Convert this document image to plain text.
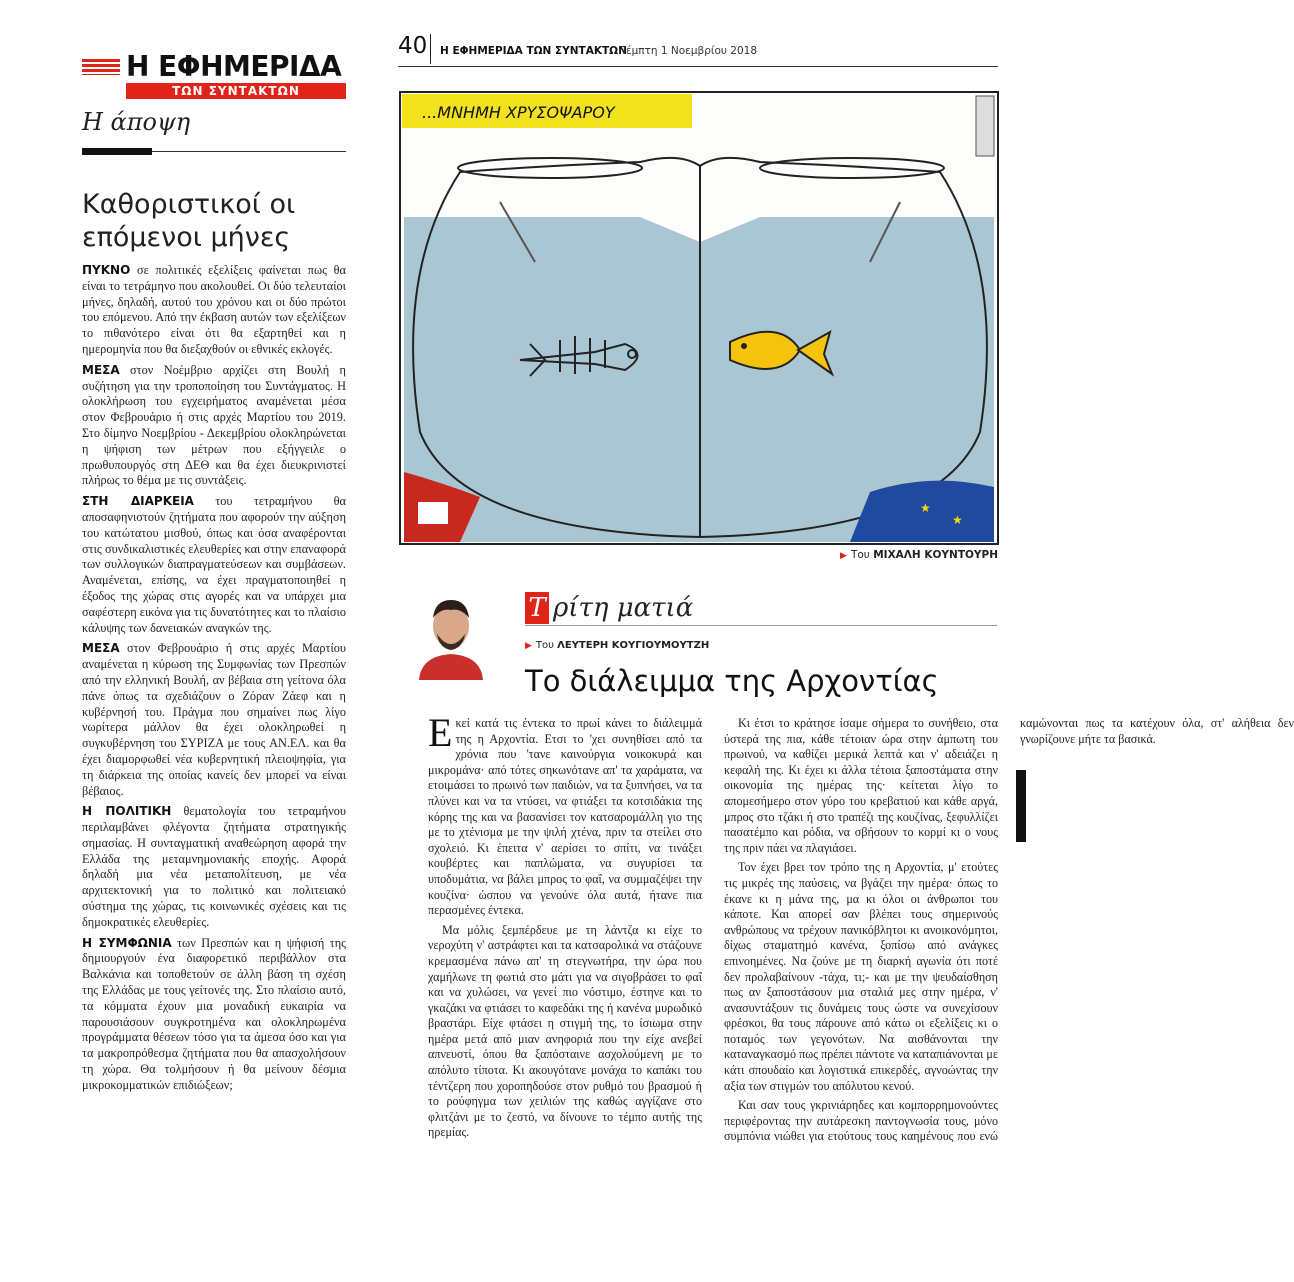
Η ΕΦΗΜΕΡΙΔΑ
ΤΩΝ ΣΥΝΤΑΚΤΩΝ
Η άποψη
Καθοριστικοί οι επόμενοι μήνες

ΠΥΚΝΟ σε πολιτικές εξελίξεις φαίνεται πως θα είναι το τετράμηνο που ακολουθεί. Οι δύο τελευταίοι μήνες, δηλαδή, αυτού του χρόνου και οι δύο πρώτοι του επόμενου. Από την έκβαση αυτών των εξελίξεων το πιθανότερο είναι ότι θα εξαρτηθεί και η ημερομηνία που θα διεξαχθούν οι εθνικές εκλογές.

ΜΕΣΑ στον Νοέμβριο αρχίζει στη Βουλή η συζήτηση για την τροποποίηση του Συντάγματος. Η ολοκλήρωση του εγχειρήματος αναμένεται μέσα στον Φεβρουάριο ή στις αρχές Μαρτίου του 2019. Στο δίμηνο Νοεμβρίου - Δεκεμβρίου ολοκληρώνεται η ψήφιση των μέτρων που εξήγγειλε ο πρωθυπουργός στη ΔΕΘ και θα έχει διευκρινιστεί πλήρως το θέμα με τις συντάξεις.

ΣΤΗ ΔΙΑΡΚΕΙΑ του τετραμήνου θα αποσαφηνιστούν ζητήματα που αφορούν την αύξηση του κατώτατου μισθού, όπως και όσα αναφέρονται στις συνδικαλιστικές ελευθερίες και στην επαναφορά των συλλογικών διαπραγματεύσεων και συμβάσεων. Αναμένεται, επίσης, να έχει πραγματοποιηθεί η έξοδος της χώρας στις αγορές και να υπάρχει μια σαφέστερη εικόνα για τις δυνατότητες και το πλαίσιο κάλυψης των δανειακών αναγκών της.

ΜΕΣΑ στον Φεβρουάριο ή στις αρχές Μαρτίου αναμένεται η κύρωση της Συμφωνίας των Πρεσπών από την ελληνική Βουλή, αν βέβαια στη γείτονα όλα πάνε όπως τα σχεδιάζουν ο Ζόραν Ζάεφ και η κυβέρνησή του. Πράγμα που σημαίνει πως λίγο νωρίτερα μάλλον θα έχει ολοκληρωθεί η συγκυβέρνηση του ΣΥΡΙΖΑ με τους ΑΝ.ΕΛ. και θα έχει διαμορφωθεί νέα κυβερνητική πλειοψηφία, για τη διάρκεια της οποίας κανείς δεν μπορεί να είναι βέβαιος.

Η ΠΟΛΙΤΙΚΗ θεματολογία του τετραμήνου περιλαμβάνει φλέγοντα ζητήματα στρατηγικής σημασίας. Η συνταγματική αναθεώρηση αφορά την Ελλάδα της μεταμνημονιακής εποχής. Αφορά δηλαδή μια νέα μεταπολίτευση, με νέα αρχιτεκτονική για το πολιτικό και πολιτειακό σύστημα της χώρας, τις κοινωνικές σχέσεις και τις δημοκρατικές ελευθερίες.

Η ΣΥΜΦΩΝΙΑ των Πρεσπών και η ψήφισή της δημιουργούν ένα διαφορετικό περιβάλλον στα Βαλκάνια και τοποθετούν σε άλλη βάση τη σχέση της Ελλάδας με τους γείτονές της. Στο πλαίσιο αυτό, τα κόμματα έχουν μια μοναδική ευκαιρία να παρουσιάσουν συγκροτημένα και ολοκληρωμένα προγράμματα θέσεων τόσο για τα άμεσα όσο και για τα μακροπρόθεσμα ζητήματα που θα απασχολήσουν τη χώρα. Θα τολμήσουν ή θα μείνουν δέσμια μικροκομματικών επιδιώξεων;

40 Η ΕΦΗΜΕΡΙΔΑ ΤΩΝ ΣΥΝΤΑΚΤΩΝ
Πέμπτη 1 Νοεμβρίου 2018
...ΜΝΗΜΗ ΧΡΥΣΟΨΑΡΟΥ
★
★
▶ Του ΜΙΧΑΛΗ ΚΟΥΝΤΟΥΡΗ
Τ ρίτη ματιά
▶ Του ΛΕΥΤΕΡΗ ΚΟΥΓΙΟΥΜΟΥΤΖΗ
Το διάλειμμα της Αρχοντίας

Εκεί κατά τις έντεκα το πρωί κάνει το διάλειμμά της η Αρχοντία. Ετσι το 'χει συνηθίσει από τα χρόνια που 'τανε καινούργια νοικοκυρά και μικρομάνα· από τότες σηκωνότανε απ' τα χαράματα, να ετοιμάσει το πρωινό των παιδιών, να τα ξυπνήσει, να τα πλύνει και να τα ντύσει, να φτιάξει τα κοτσιδάκια της κόρης της και να βασανίσει τον κατσαρομάλλη γιο της με το χτένισμα με την ψιλή χτένα, πριν τα στείλει στο σχολειό. Κι έπειτα ν' αερίσει το σπίτι, να τινάξει κουβέρτες και παπλώματα, να συγυρίσει τα υποδυμάτια, να βάλει μπρος το φαΐ, να συμμαζέψει την κουζίνα· ώσπου να γενούνε όλα αυτά, ήτανε πια περασμένες έντεκα.

Μα μόλις ξεμπέρδευε με τη λάντζα κι είχε το νεροχύτη ν' αστράφτει και τα κατσαρολικά να στάζουνε κρεμασμένα πάνω απ' τη στεγνωτήρα, την ώρα που χαμήλωνε τη φωτιά στο μάτι για να σιγοβράσει το φαΐ και να χυλώσει, να γενεί πιο νόστιμο, έστηνε και το γκαζάκι να φτιάσει το καφεδάκι της ή κανένα μυρωδικό βραστάρι. Είχε φτάσει η στιγμή της, το ίσιωμα στην ημέρα μετά από μιαν ανηφοριά που την είχε ανεβεί απνευστί, όπου θα ξαπόσταινε ασχολούμενη με το απόλυτο τίποτα. Κι ακουγότανε μονάχα το καπάκι του τέντζερη που χοροπηδούσε στον ρυθμό του βρασμού ή το ρούφηγμα των χειλιών της καθώς αγγίζανε στο φλιτζάνι με το ζεστό, να δίνουνε το τέμπο αυτής της ηρεμίας.

Κι έτσι το κράτησε ίσαμε σήμερα το συνήθειο, στα ύστερά της πια, κάθε τέτοιαν ώρα στην άμπωτη του πρωινού, να καθίζει μερικά λεπτά και ν' αδειάζει η κεφαλή της. Κι έχει κι άλλα τέτοια ξαποστάματα στην οικονομία της ημέρας της· κείτεται λίγο το απομεσήμερο στον γύρο του κρεβατιού και κάθε αργά, μπρος στο τζάκι ή στο τραπέζι της κουζίνας, ξεφυλλίζει πασατέμπο και ρόδια, να σβήσουν το κορμί κι ο νους της πριν πάει να πλαγιάσει.

Τον έχει βρει τον τρόπο της η Αρχοντία, μ' ετούτες τις μικρές της παύσεις, να βγάζει την ημέρα· όπως το έκανε κι η μάνα της, μα κι όλοι οι άνθρωποι του κάποτε. Και απορεί σαν βλέπει τους σημερινούς ανθρώπους να τρέχουν πανικόβλητοι κι ανοικονόμητοι, δίχως σταματημό κανένα, ξοπίσω από ανάγκες επινοημένες. Να ζούνε με τη διαρκή αγωνία ότι ποτέ δεν προλαβαίνουν -τάχα, τι;- και με την ψευδαίσθηση πως αν ξαποστάσουν μια σταλιά μες στην ημέρα, ν' ανασυντάξουν τις δυνάμεις τους ώστε να συνεχίσουν φρέσκοι, θα τους πάρουνε από κάτω οι εξελίξεις κι ο ποταμός των γεγονότων. Να αισθάνονται την καταναγκασμό πως πρέπει πάντοτε να καταπιάνονται με κάτι σπουδαίο και λογιστικά επικερδές, αγνοώντας την αξία των στιγμών του απόλυτου κενού.

Και σαν τους γκρινιάρηδες και κομπορρημονούντες περιφέροντας την αυτάρεσκη παντογνωσία τους, μόνο συμπόνια νιώθει για ετούτους τους καημένους που ενώ καμώνονται πως τα κατέχουν όλα, στ' αλήθεια δεν γνωρίζουνε μήτε τα βασικά.
